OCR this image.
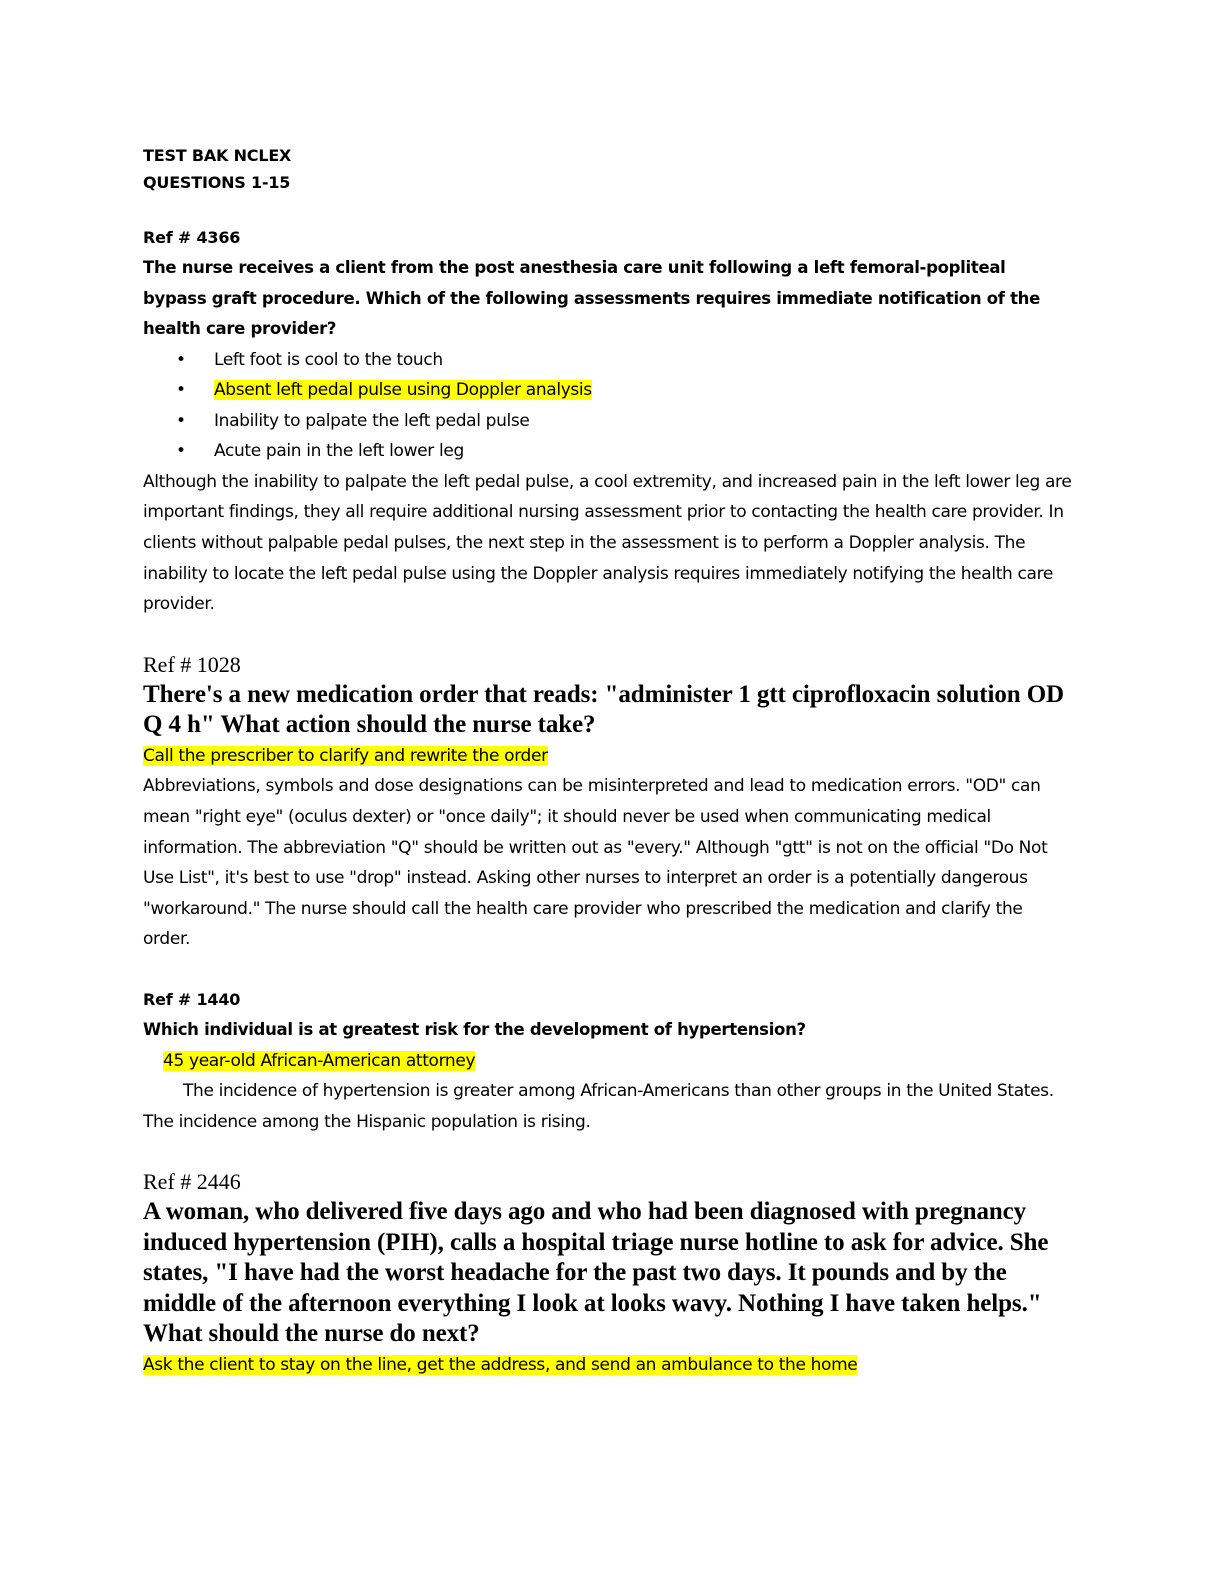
TEST BAK NCLEX
QUESTIONS 1-15
Ref # 4366
The nurse receives a client from the post anesthesia care unit following a left femoral-popliteal bypass graft procedure. Which of the following assessments requires immediate notification of the health care provider?
• Left foot is cool to the touch
• Absent left pedal pulse using Doppler analysis
• Inability to palpate the left pedal pulse
• Acute pain in the left lower leg
Although the inability to palpate the left pedal pulse, a cool extremity, and increased pain in the left lower leg are important findings, they all require additional nursing assessment prior to contacting the health care provider. In clients without palpable pedal pulses, the next step in the assessment is to perform a Doppler analysis. The inability to locate the left pedal pulse using the Doppler analysis requires immediately notifying the health care provider.
Ref # 1028
There's a new medication order that reads: "administer 1 gtt ciprofloxacin solution OD Q 4 h" What action should the nurse take?
Call the prescriber to clarify and rewrite the order
Abbreviations, symbols and dose designations can be misinterpreted and lead to medication errors. "OD" can mean "right eye" (oculus dexter) or "once daily"; it should never be used when communicating medical information. The abbreviation "Q" should be written out as "every." Although "gtt" is not on the official "Do Not Use List", it's best to use "drop" instead. Asking other nurses to interpret an order is a potentially dangerous "workaround." The nurse should call the health care provider who prescribed the medication and clarify the order.
Ref # 1440
Which individual is at greatest risk for the development of hypertension?
45 year-old African-American attorney
The incidence of hypertension is greater among African-Americans than other groups in the United States. The incidence among the Hispanic population is rising.
Ref # 2446
A woman, who delivered five days ago and who had been diagnosed with pregnancy induced hypertension (PIH), calls a hospital triage nurse hotline to ask for advice. She states, "I have had the worst headache for the past two days. It pounds and by the middle of the afternoon everything I look at looks wavy. Nothing I have taken helps." What should the nurse do next?
Ask the client to stay on the line, get the address, and send an ambulance to the home
